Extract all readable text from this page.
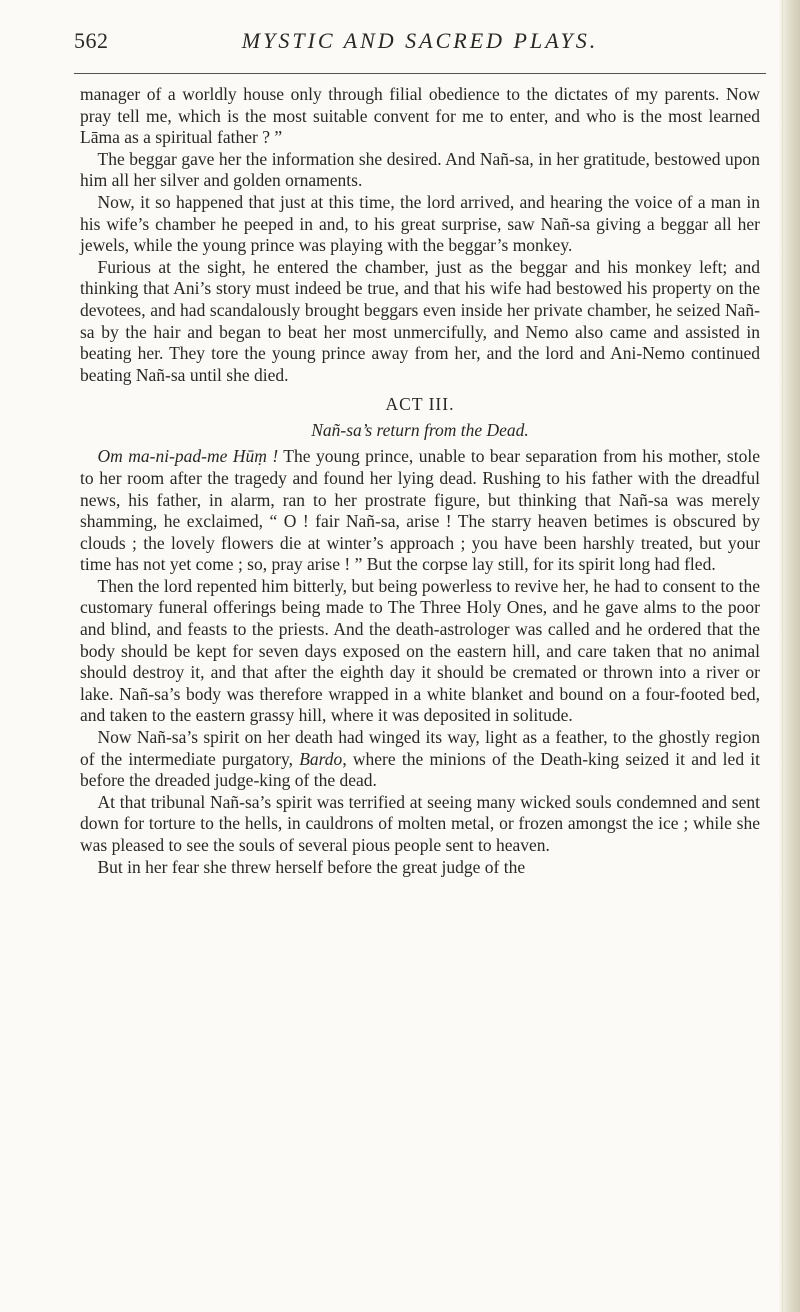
562	MYSTIC AND SACRED PLAYS.

manager of a worldly house only through filial obedience to the dictates of my parents. Now pray tell me, which is the most suitable convent for me to enter, and who is the most learned Lāma as a spiritual father ? ”

The beggar gave her the information she desired. And Nañ-sa, in her gratitude, bestowed upon him all her silver and golden ornaments.

Now, it so happened that just at this time, the lord arrived, and hearing the voice of a man in his wife’s chamber he peeped in and, to his great surprise, saw Nañ-sa giving a beggar all her jewels, while the young prince was playing with the beggar’s monkey.

Furious at the sight, he entered the chamber, just as the beggar and his monkey left; and thinking that Ani’s story must indeed be true, and that his wife had bestowed his property on the devotees, and had scandalously brought beggars even inside her private chamber, he seized Nañ-sa by the hair and began to beat her most unmercifully, and Nemo also came and assisted in beating her. They tore the young prince away from her, and the lord and Ani-Nemo continued beating Nañ-sa until she died.

ACT III.
Nañ-sa’s return from the Dead.

Om ma-ni-pad-me Hūṃ ! The young prince, unable to bear separation from his mother, stole to her room after the tragedy and found her lying dead. Rushing to his father with the dreadful news, his father, in alarm, ran to her prostrate figure, but thinking that Nañ-sa was merely shamming, he exclaimed, “ O ! fair Nañ-sa, arise ! The starry heaven betimes is obscured by clouds ; the lovely flowers die at winter’s approach ; you have been harshly treated, but your time has not yet come ; so, pray arise ! ” But the corpse lay still, for its spirit long had fled.

Then the lord repented him bitterly, but being powerless to revive her, he had to consent to the customary funeral offerings being made to The Three Holy Ones, and he gave alms to the poor and blind, and feasts to the priests. And the death-astrologer was called and he ordered that the body should be kept for seven days exposed on the eastern hill, and care taken that no animal should destroy it, and that after the eighth day it should be cremated or thrown into a river or lake. Nañ-sa’s body was therefore wrapped in a white blanket and bound on a four-footed bed, and taken to the eastern grassy hill, where it was deposited in solitude.

Now Nañ-sa’s spirit on her death had winged its way, light as a feather, to the ghostly region of the intermediate purgatory, Bardo, where the minions of the Death-king seized it and led it before the dreaded judge-king of the dead.

At that tribunal Nañ-sa’s spirit was terrified at seeing many wicked souls condemned and sent down for torture to the hells, in cauldrons of molten metal, or frozen amongst the ice ; while she was pleased to see the souls of several pious people sent to heaven.

But in her fear she threw herself before the great judge of the
